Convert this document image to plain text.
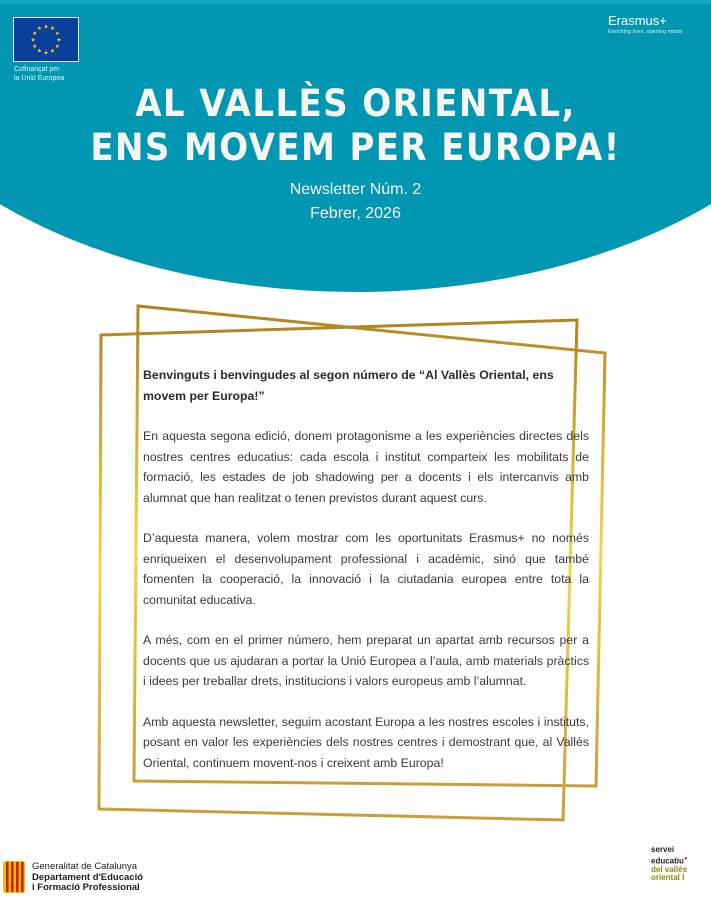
★ ★
★
★
★
★
★
★
★
★
★
★
Cofinançat per
la Unió Europea
Erasmus+
Enriching lives, opening minds
AL VALLÈS ORIENTAL,
ENS MOVEM PER EUROPA!
Newsletter Núm. 2
Febrer, 2026

Benvinguts i benvingudes al segon número de “Al Vallès Oriental, ens movem per Europa!”

En aquesta segona edició, donem protagonisme a les experiències directes dels nostres centres educatius: cada escola i institut comparteix les mobilitats de formació, les estades de job shadowing per a docents i els intercanvis amb alumnat que han realitzat o tenen previstos durant aquest curs.

D’aquesta manera, volem mostrar com les oportunitats Erasmus+ no només enriqueixen el desenvolupament professional i acadèmic, sinó que també fomenten la cooperació, la innovació i la ciutadania europea entre tota la comunitat educativa.

A més, com en el primer número, hem preparat un apartat amb recursos per a docents que us ajudaran a portar la Unió Europea a l’aula, amb materials pràctics i idees per treballar drets, institucions i valors europeus amb l’alumnat.

Amb aquesta newsletter, seguim acostant Europa a les nostres escoles i instituts, posant en valor les experiències dels nostres centres i demostrant que, al Vallès Oriental, continuem movent-nos i creixent amb Europa!

Generalitat de Catalunya
Departament d'Educació
i Formació Professional
servei
educatiu●
del vallès
oriental I
